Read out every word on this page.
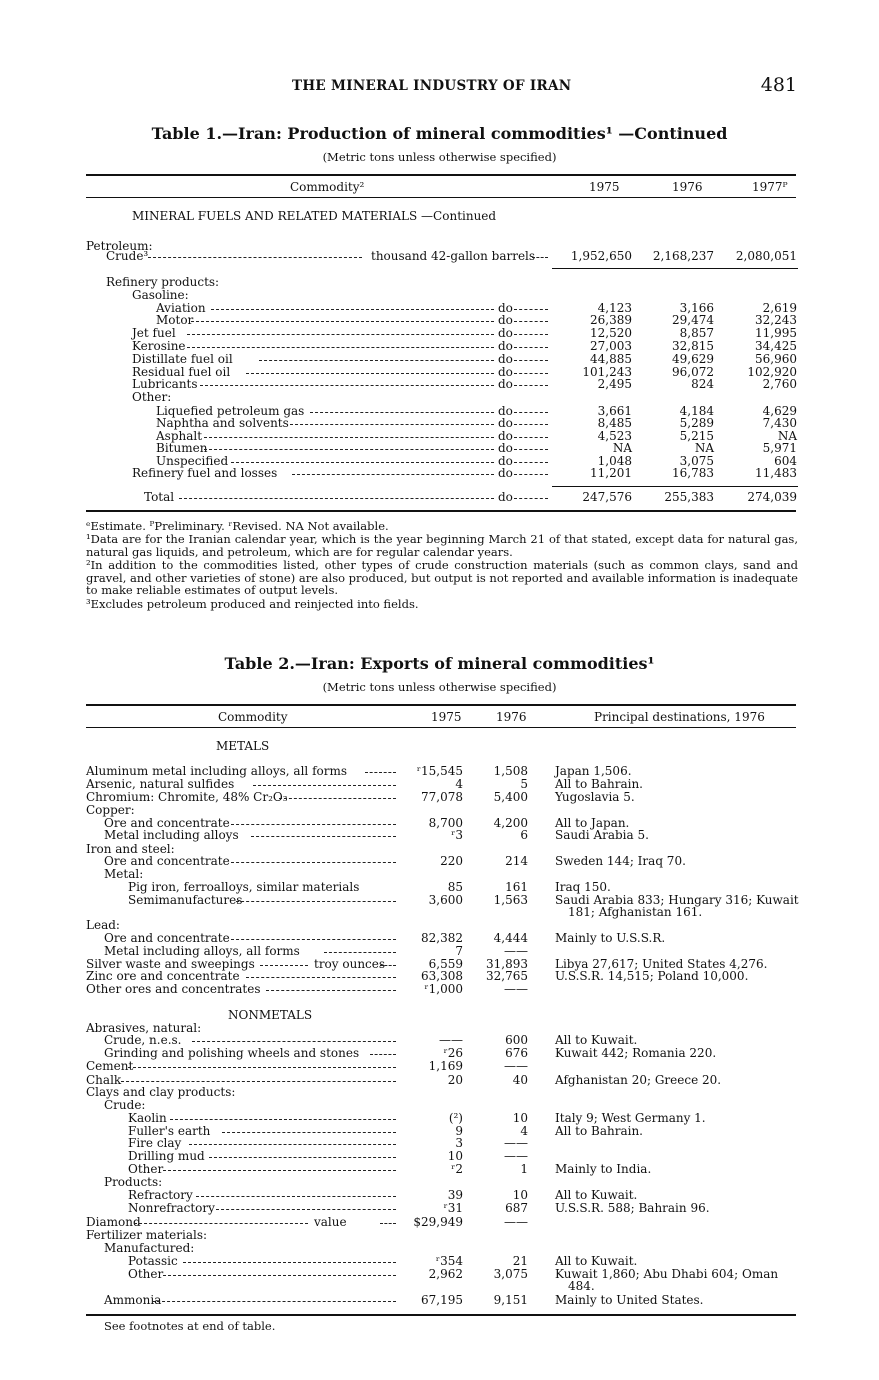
THE MINERAL INDUSTRY OF IRAN	481
Table 1.—Iran: Production of mineral commodities¹ —Continued
(Metric tons unless otherwise specified)
Commodity²	1975	1976	1977ᴾ
MINERAL FUELS AND RELATED MATERIALS —Continued
Petroleum:
Crude³	thousand 42-gallon barrels	1,952,650 2,168,237 2,080,051
Refinery products:
Gasoline:
Aviation	do	4,123	3,166	2,619
Motor	do	26,389	29,474	32,243
Jet fuel	do	12,520	8,857	11,995
Kerosine	do	27,003	32,815	34,425
Distillate fuel oil	do	44,885	49,629	56,960
Residual fuel oil	do	101,243	96,072	102,920
Lubricants	do	2,495	824	2,760
Other:
Liquefied petroleum gas	do	3,661	4,184	4,629
Naphtha and solvents	do	8,485	5,289	7,430
Asphalt	do	4,523	5,215	NA
Bitumen	do	NA	NA	5,971
Unspecified	do	1,048	3,075	604
Refinery fuel and losses	do	11,201	16,783	11,483
Total	do	247,576	255,383	274,039
ᵉEstimate. ᴾPreliminary. ʳRevised. NA Not available.
¹Data are for the Iranian calendar year, which is the year beginning March 21 of that stated, except data for natural gas, natural gas liquids, and petroleum, which are for regular calendar years.
²In addition to the commodities listed, other types of crude construction materials (such as common clays, sand and gravel, and other varieties of stone) are also produced, but output is not reported and available information is inadequate to make reliable estimates of output levels.
³Excludes petroleum produced and reinjected into fields.
Table 2.—Iran: Exports of mineral commodities¹
(Metric tons unless otherwise specified)
Commodity	1975	1976	Principal destinations, 1976
METALS
NONMETALS
Aluminum metal including alloys, all forms	ʳ15,545	1,508 Japan 1,506.
Arsenic, natural sulfides	4	5 All to Bahrain.
Chromium: Chromite, 48% Cr₂O₃	77,078	5,400 Yugoslavia 5.
Copper:
Ore and concentrate	8,700	4,200 All to Japan.
Metal including alloys	ʳ3	6 Saudi Arabia 5.
Iron and steel:
Ore and concentrate	220	214 Sweden 144; Iraq 70.
Metal:
Pig iron, ferroalloys, similar materials	85	161 Iraq 150.
Semimanufactures	3,600	1,563 Saudi Arabia 833; Hungary 316; Kuwait
181; Afghanistan 161.
Lead:
Ore and concentrate	82,382	4,444 Mainly to U.S.S.R.
Metal including alloys, all forms	7	——
Silver waste and sweepings	troy ounces	6,559 31,893 Libya 27,617; United States 4,276.
Zinc ore and concentrate	63,308 32,765 U.S.S.R. 14,515; Poland 10,000.
Other ores and concentrates	ʳ1,000	——
Abrasives, natural:
Crude, n.e.s.	——	600 All to Kuwait.
Grinding and polishing wheels and stones	ʳ26	676 Kuwait 442; Romania 220.
Cement	1,169	——
Chalk	20	40 Afghanistan 20; Greece 20.
Clays and clay products:
Crude:
Kaolin	(²)	10 Italy 9; West Germany 1.
Fuller's earth	9	4 All to Bahrain.
Fire clay	3	——
Drilling mud	10	——
Other	ʳ2	1 Mainly to India.
Products:
Refractory	39	10 All to Kuwait.
Nonrefractory	ʳ31	687 U.S.S.R. 588; Bahrain 96.
Diamond	value	$29,949	——
Fertilizer materials:
Manufactured:
Potassic	ʳ354	21 All to Kuwait.
Other	2,962	3,075 Kuwait 1,860; Abu Dhabi 604; Oman
484.
Ammonia	67,195	9,151 Mainly to United States.
See footnotes at end of table.
